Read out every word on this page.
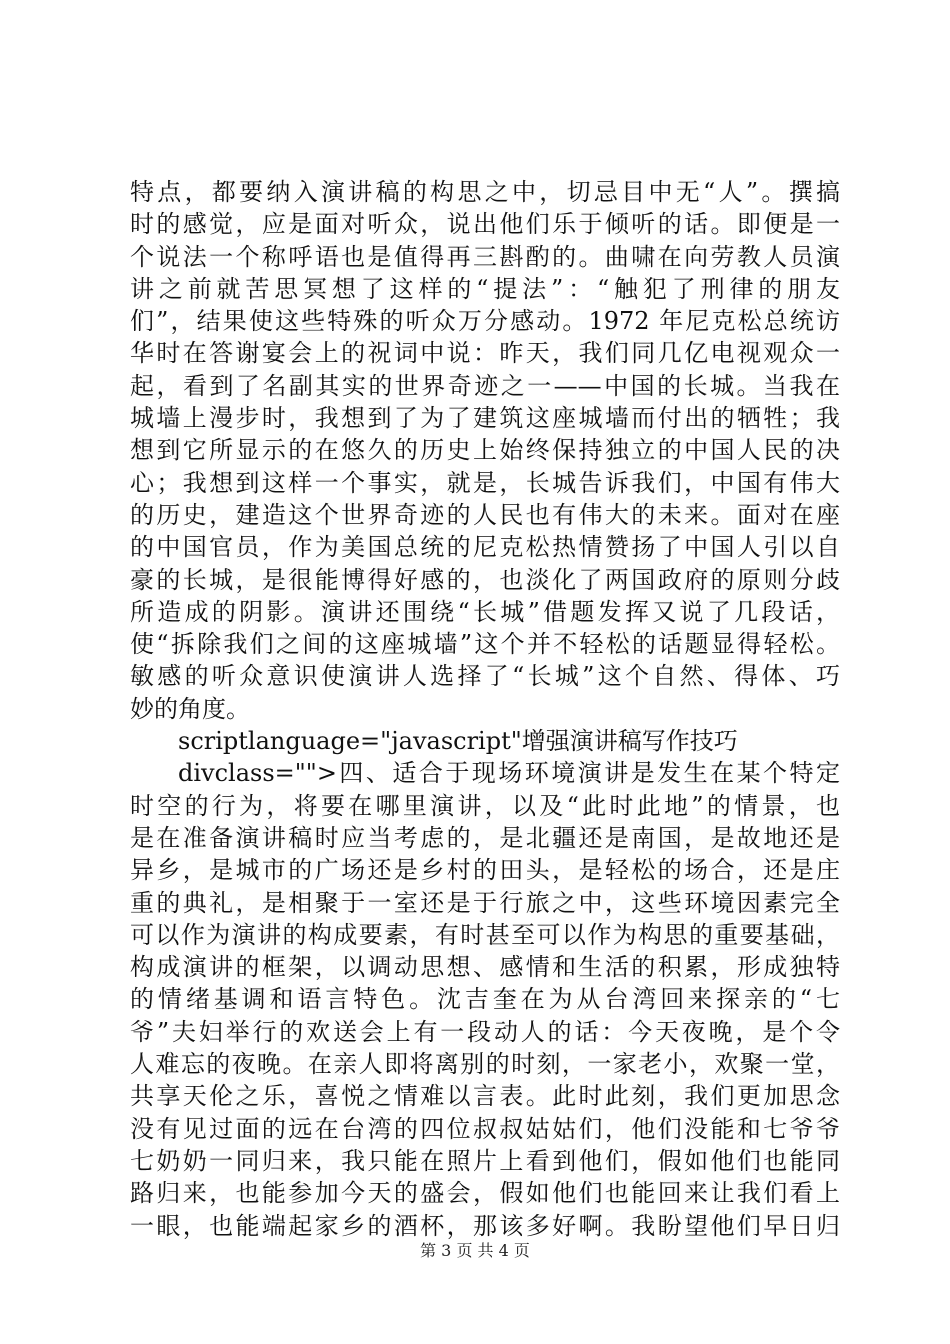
特点，都要纳入演讲稿的构思之中，切忌目中无“人”。撰搞
时的感觉，应是面对听众，说出他们乐于倾听的话。即便是一
个说法一个称呼语也是值得再三斟酌的。曲啸在向劳教人员演
讲之前就苦思冥想了这样的“提法”：“触犯了刑律的朋友
们”，结果使这些特殊的听众万分感动。1972 年尼克松总统访
华时在答谢宴会上的祝词中说：昨天，我们同几亿电视观众一
起，看到了名副其实的世界奇迹之一——中国的长城。当我在
城墙上漫步时，我想到了为了建筑这座城墙而付出的牺牲；我
想到它所显示的在悠久的历史上始终保持独立的中国人民的决
心；我想到这样一个事实，就是，长城告诉我们，中国有伟大
的历史，建造这个世界奇迹的人民也有伟大的未来。面对在座
的中国官员，作为美国总统的尼克松热情赞扬了中国人引以自
豪的长城，是很能博得好感的，也淡化了两国政府的原则分歧
所造成的阴影。演讲还围绕“长城”借题发挥又说了几段话，
使“拆除我们之间的这座城墙”这个并不轻松的话题显得轻松。
敏感的听众意识使演讲人选择了“长城”这个自然、得体、巧
妙的角度。
scriptlanguage="javascript"增强演讲稿写作技巧
divclass="">四、适合于现场环境演讲是发生在某个特定
时空的行为，将要在哪里演讲，以及“此时此地”的情景，也
是在准备演讲稿时应当考虑的，是北疆还是南国，是故地还是
异乡，是城市的广场还是乡村的田头，是轻松的场合，还是庄
重的典礼，是相聚于一室还是于行旅之中，这些环境因素完全
可以作为演讲的构成要素，有时甚至可以作为构思的重要基础，
构成演讲的框架，以调动思想、感情和生活的积累，形成独特
的情绪基调和语言特色。沈吉奎在为从台湾回来探亲的“七
爷”夫妇举行的欢送会上有一段动人的话：今天夜晚，是个令
人难忘的夜晚。在亲人即将离别的时刻，一家老小，欢聚一堂，
共享天伦之乐，喜悦之情难以言表。此时此刻，我们更加思念
没有见过面的远在台湾的四位叔叔姑姑们，他们没能和七爷爷
七奶奶一同归来，我只能在照片上看到他们，假如他们也能同
路归来，也能参加今天的盛会，假如他们也能回来让我们看上
一眼，也能端起家乡的酒杯，那该多好啊。我盼望他们早日归
第 3 页 共 4 页
